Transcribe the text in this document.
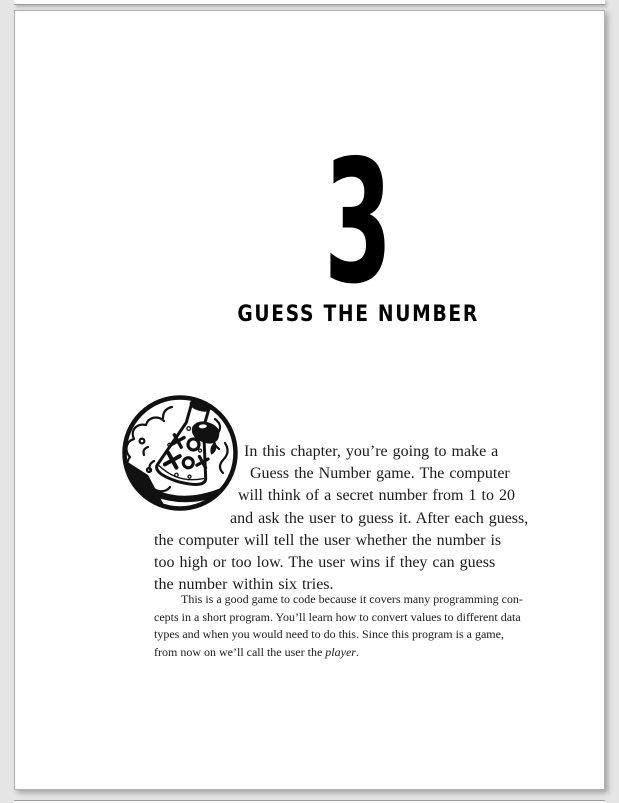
3
GUESS THE NUMBER
In this chapter, you’re going to make a
Guess the Number game. The computer
will think of a secret number from 1 to 20
and ask the user to guess it. After each guess,
the computer will tell the user whether the number is
too high or too low. The user wins if they can guess
the number within six tries.
This is a good game to code because it covers many programming con-
cepts in a short program. You’ll learn how to convert values to different data
types and when you would need to do this. Since this program is a game,
from now on we’ll call the user the player.
